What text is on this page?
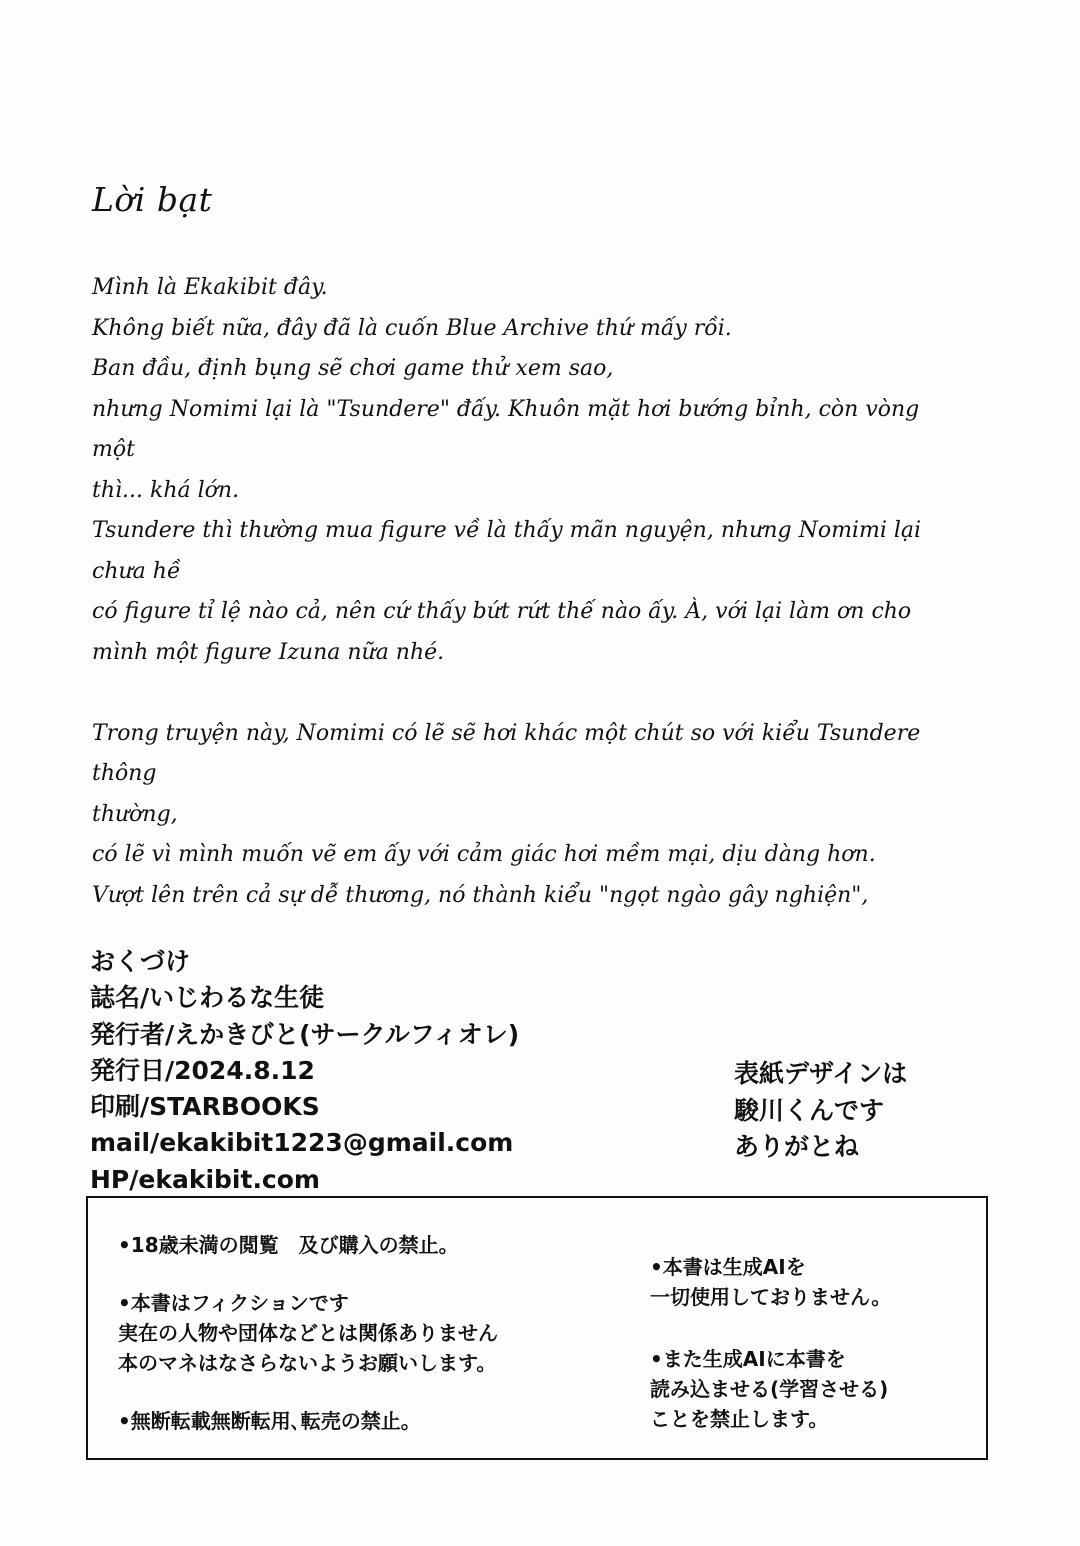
Lời bạt

Mình là Ekakibit đây.

Không biết nữa, đây đã là cuốn Blue Archive thứ mấy rồi.

Ban đầu, định bụng sẽ chơi game thử xem sao,

nhưng Nomimi lại là "Tsundere" đấy. Khuôn mặt hơi bướng bỉnh, còn vòng một

thì... khá lớn.

Tsundere thì thường mua figure về là thấy mãn nguyện, nhưng Nomimi lại chưa hề

có figure tỉ lệ nào cả, nên cứ thấy bứt rứt thế nào ấy. À, với lại làm ơn cho

mình một figure Izuna nữa nhé.

Trong truyện này, Nomimi có lẽ sẽ hơi khác một chút so với kiểu Tsundere thông

thường,

có lẽ vì mình muốn vẽ em ấy với cảm giác hơi mềm mại, dịu dàng hơn.

Vượt lên trên cả sự dễ thương, nó thành kiểu "ngọt ngào gây nghiện",

おくづけ
誌名/いじわるな生徒
発行者/えかきびと(サークルフィオレ)
発行日/2024.8.12
印刷/STARBOOKS
mail/ekakibit1223@gmail.com
HP/ekakibit.com
表紙デザインは
駿川くんです
ありがとね
•18歳未満の閲覧　及び購入の禁止。
•本書はフィクションです
実在の人物や団体などとは関係ありません
本のマネはなさらないようお願いします。
•無断転載無断転用､転売の禁止。
•本書は生成AIを
一切使用しておりません。
•また生成AIに本書を
読み込ませる(学習させる)
ことを禁止します。
